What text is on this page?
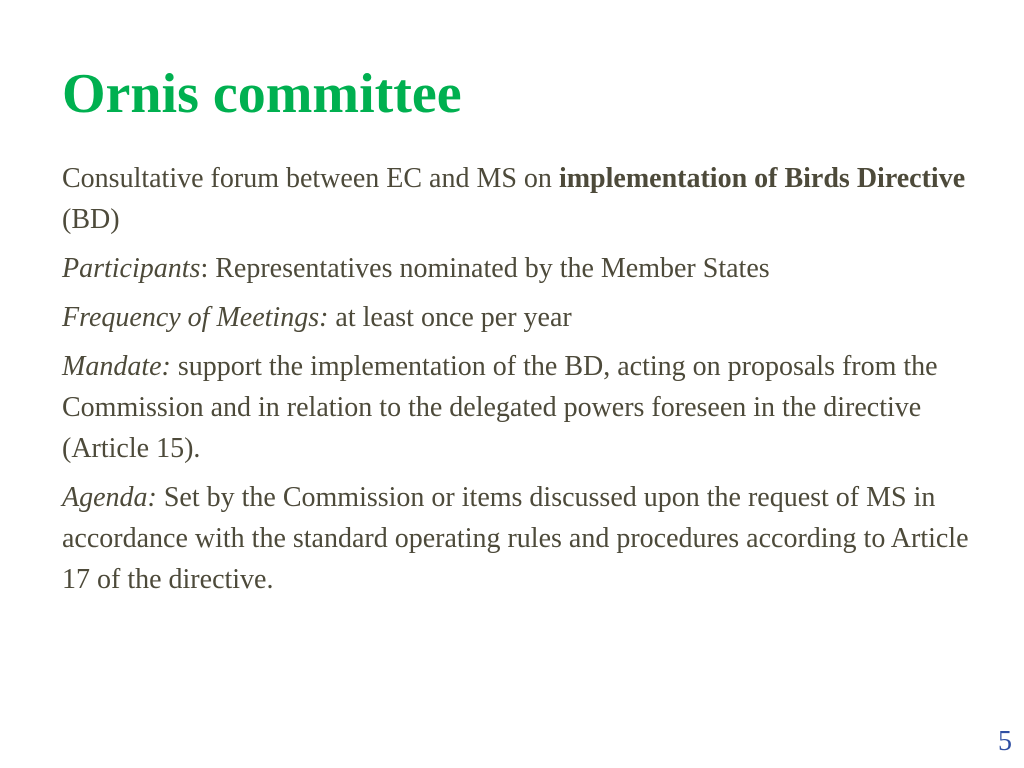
Ornis committee

Consultative forum between EC and MS on implementation of Birds Directive (BD)

Participants: Representatives nominated by the Member States

Frequency of Meetings: at least once per year

Mandate: support the implementation of the BD, acting on proposals from the Commission and in relation to the delegated powers foreseen in the directive (Article 15).

Agenda: Set by the Commission or items discussed upon the request of MS in accordance with the standard operating rules and procedures according to Article 17 of the directive.

5
